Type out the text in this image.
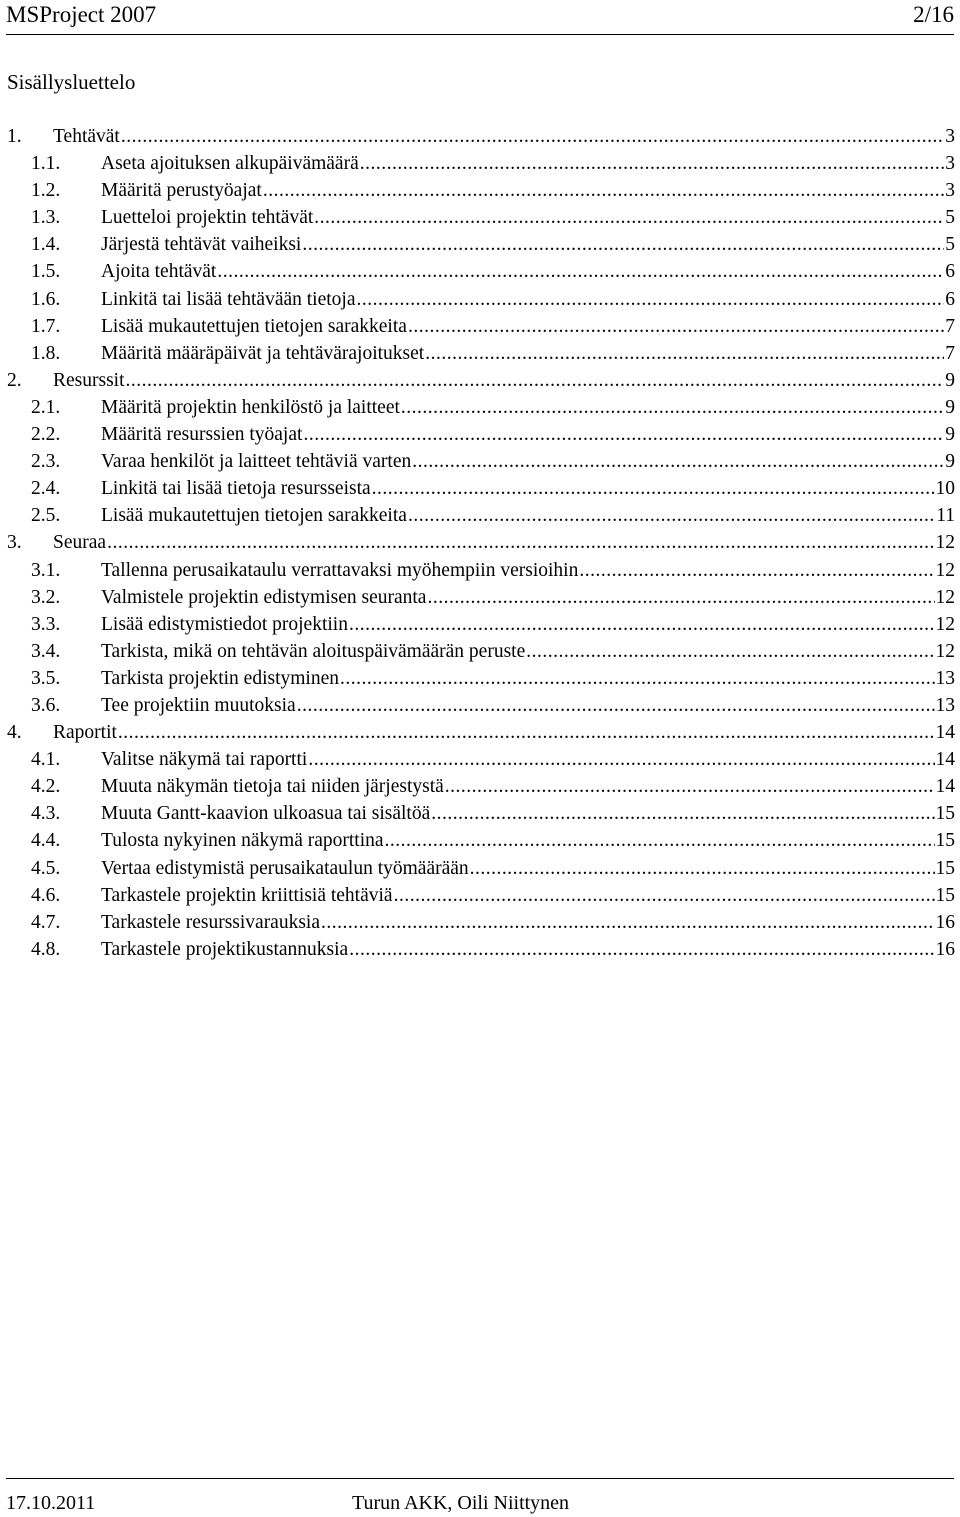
MSProject 2007	2/16
Sisällysluettelo
1.	Tehtävät .....	3
1.1.	Aseta ajoituksen alkupäivämäärä .....	3
1.2.	Määritä perustyöajat .....	3
1.3.	Luetteloi projektin tehtävät .....	5
1.4.	Järjestä tehtävät vaiheiksi .....	5
1.5.	Ajoita tehtävät .....	6
1.6.	Linkitä tai lisää tehtävään tietoja .....	6
1.7.	Lisää mukautettujen tietojen sarakkeita .....	7
1.8.	Määritä määräpäivät ja tehtävärajoitukset .....	7
2.	Resurssit .....	9
2.1.	Määritä projektin henkilöstö ja laitteet .....	9
2.2.	Määritä resurssien työajat .....	9
2.3.	Varaa henkilöt ja laitteet tehtäviä varten .....	9
2.4.	Linkitä tai lisää tietoja resursseista .....	10
2.5.	Lisää mukautettujen tietojen sarakkeita .....	11
3.	Seuraa .....	12
3.1.	Tallenna perusaikataulu verrattavaksi myöhempiin versioihin .....	12
3.2.	Valmistele projektin edistymisen seuranta .....	12
3.3.	Lisää edistymistiedot projektiin .....	12
3.4.	Tarkista, mikä on tehtävän aloituspäivämäärän peruste .....	12
3.5.	Tarkista projektin edistyminen .....	13
3.6.	Tee projektiin muutoksia .....	13
4.	Raportit .....	14
4.1.	Valitse näkymä tai raportti .....	14
4.2.	Muuta näkymän tietoja tai niiden järjestystä .....	14
4.3.	Muuta Gantt-kaavion ulkoasua tai sisältöä .....	15
4.4.	Tulosta nykyinen näkymä raporttina .....	15
4.5.	Vertaa edistymistä perusaikataulun työmäärään .....	15
4.6.	Tarkastele projektin kriittisiä tehtäviä .....	15
4.7.	Tarkastele resurssivarauksia .....	16
4.8.	Tarkastele projektikustannuksia .....	16
17.10.2011	Turun AKK, Oili Niittynen
